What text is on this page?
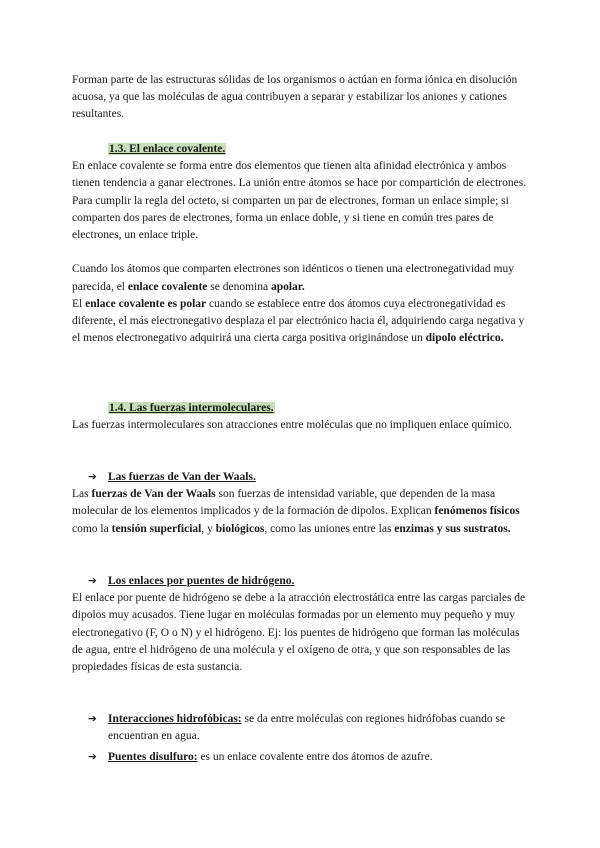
Forman parte de las estructuras sólidas de los organismos o actúan en forma iónica en disolución acuosa, ya que las moléculas de agua contribuyen a separar y estabilizar los aniones y cationes resultantes.

1.3. El enlace covalente.

En enlace covalente se forma entre dos elementos que tienen alta afinidad electrónica y ambos tienen tendencia a ganar electrones. La unión entre átomos se hace por compartición de electrones.

Para cumplir la regla del octeto, si comparten un par de electrones, forman un enlace simple; si comparten dos pares de electrones, forma un enlace doble, y si tiene en común tres pares de electrones, un enlace triple.

Cuando los átomos que comparten electrones son idénticos o tienen una electronegatividad muy parecida, el enlace covalente se denomina apolar.

El enlace covalente es polar cuando se establece entre dos átomos cuya electronegatividad es diferente, el más electronegativo desplaza el par electrónico hacia él, adquiriendo carga negativa y el menos electronegativo adquirirá una cierta carga positiva originándose un dipolo eléctrico.

1.4. Las fuerzas intermoleculares.

Las fuerzas intermoleculares son atracciones entre moléculas que no impliquen enlace químico.

➔ Las fuerzas de Van der Waals.

Las fuerzas de Van der Waals son fuerzas de intensidad variable, que dependen de la masa molecular de los elementos implicados y de la formación de dipolos. Explican fenómenos físicos como la tensión superficial, y biológicos, como las uniones entre las enzimas y sus sustratos.

➔ Los enlaces por puentes de hidrógeno.

El enlace por puente de hidrógeno se debe a la atracción electrostática entre las cargas parciales de dipolos muy acusados. Tiene lugar en moléculas formadas por un elemento muy pequeño y muy electronegativo (F, O o N) y el hidrógeno. Ej: los puentes de hidrógeno que forman las moléculas de agua, entre el hidrógeno de una molécula y el oxígeno de otra, y que son responsables de las propiedades físicas de esta sustancia.

➔ Interacciones hidrofóbicas: se da entre moléculas con regiones hidrófobas cuando se encuentran en agua.

➔ Puentes disulfuro: es un enlace covalente entre dos átomos de azufre.
